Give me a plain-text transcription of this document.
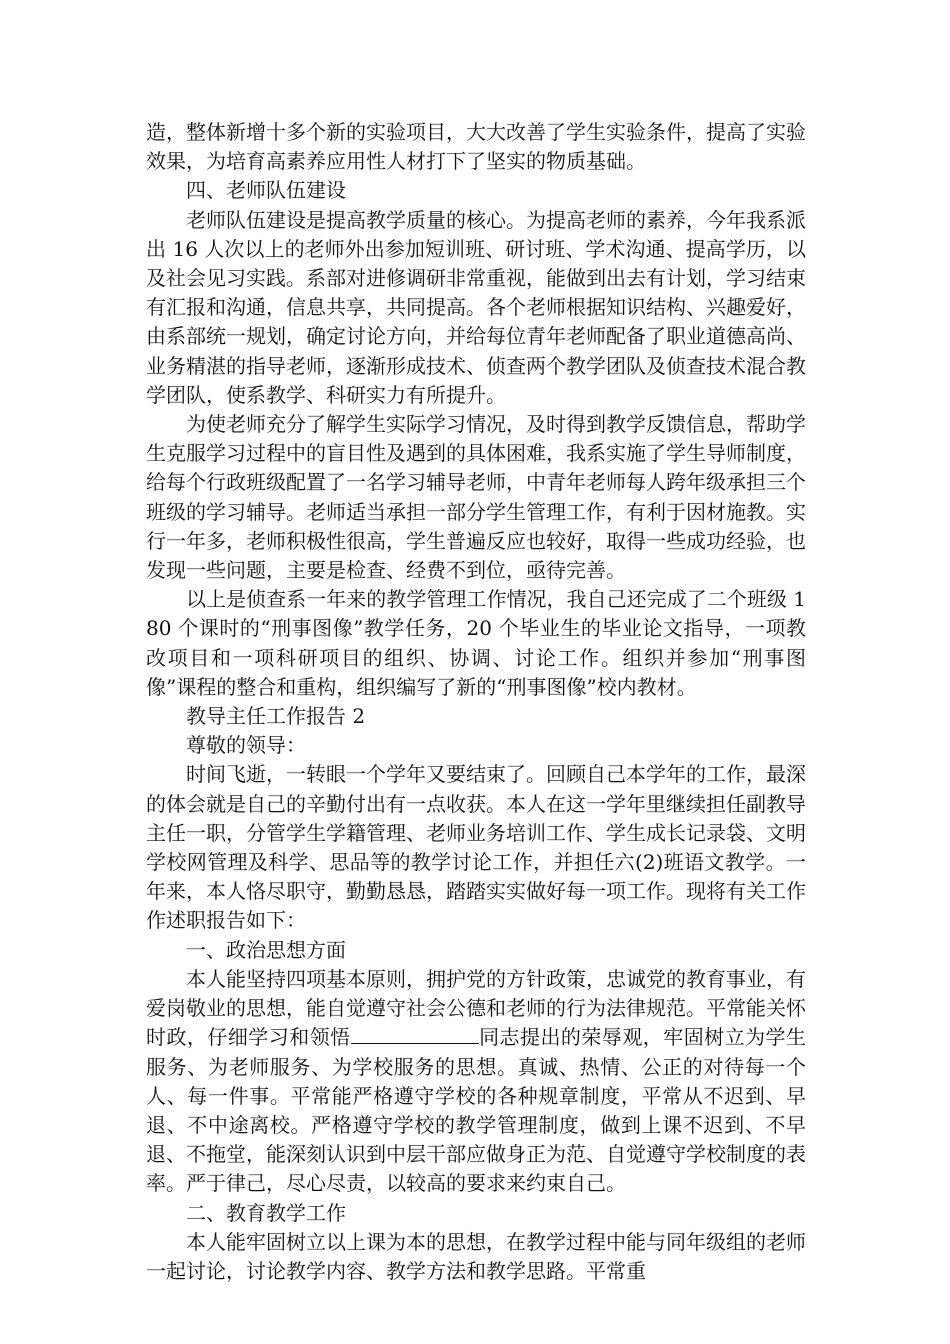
造，整体新增十多个新的实验项目，大大改善了学生实验条件，提高了实验效果，为培育高素养应用性人材打下了坚实的物质基础。

四、老师队伍建设

老师队伍建设是提高教学质量的核心。为提高老师的素养，今年我系派出 16 人次以上的老师外出参加短训班、研讨班、学术沟通、提高学历，以及社会见习实践。系部对进修调研非常重视，能做到出去有计划，学习结束有汇报和沟通，信息共享，共同提高。各个老师根据知识结构、兴趣爱好，由系部统一规划，确定讨论方向，并给每位青年老师配备了职业道德高尚、业务精湛的指导老师，逐渐形成技术、侦查两个教学团队及侦查技术混合教学团队，使系教学、科研实力有所提升。

为使老师充分了解学生实际学习情况，及时得到教学反馈信息，帮助学生克服学习过程中的盲目性及遇到的具体困难，我系实施了学生导师制度，给每个行政班级配置了一名学习辅导老师，中青年老师每人跨年级承担三个班级的学习辅导。老师适当承担一部分学生管理工作，有利于因材施教。实行一年多，老师积极性很高，学生普遍反应也较好，取得一些成功经验，也发现一些问题，主要是检查、经费不到位，亟待完善。

以上是侦查系一年来的教学管理工作情况，我自己还完成了二个班级 180 个课时的“刑事图像”教学任务，20 个毕业生的毕业论文指导，一项教改项目和一项科研项目的组织、协调、讨论工作。组织并参加“刑事图像”课程的整合和重构，组织编写了新的“刑事图像”校内教材。

教导主任工作报告 2

尊敬的领导：

时间飞逝，一转眼一个学年又要结束了。回顾自己本学年的工作，最深的体会就是自己的辛勤付出有一点收获。本人在这一学年里继续担任副教导主任一职，分管学生学籍管理、老师业务培训工作、学生成长记录袋、文明学校网管理及科学、思品等的教学讨论工作，并担任六(2)班语文教学。一年来，本人恪尽职守，勤勤恳恳，踏踏实实做好每一项工作。现将有关工作作述职报告如下：

一、政治思想方面

本人能坚持四项基本原则，拥护党的方针政策，忠诚党的教育事业，有爱岗敬业的思想，能自觉遵守社会公德和老师的行为法律规范。平常能关怀时政，仔细学习和领悟	同志提出的荣辱观，牢固树立为学生服务、为老师服务、为学校服务的思想。真诚、热情、公正的对待每一个人、每一件事。平常能严格遵守学校的各种规章制度，平常从不迟到、早退、不中途离校。严格遵守学校的教学管理制度，做到上课不迟到、不早退、不拖堂，能深刻认识到中层干部应做身正为范、自觉遵守学校制度的表率。严于律己，尽心尽责，以较高的要求来约束自己。

二、教育教学工作

本人能牢固树立以上课为本的思想，在教学过程中能与同年级组的老师一起讨论，讨论教学内容、教学方法和教学思路。平常重
